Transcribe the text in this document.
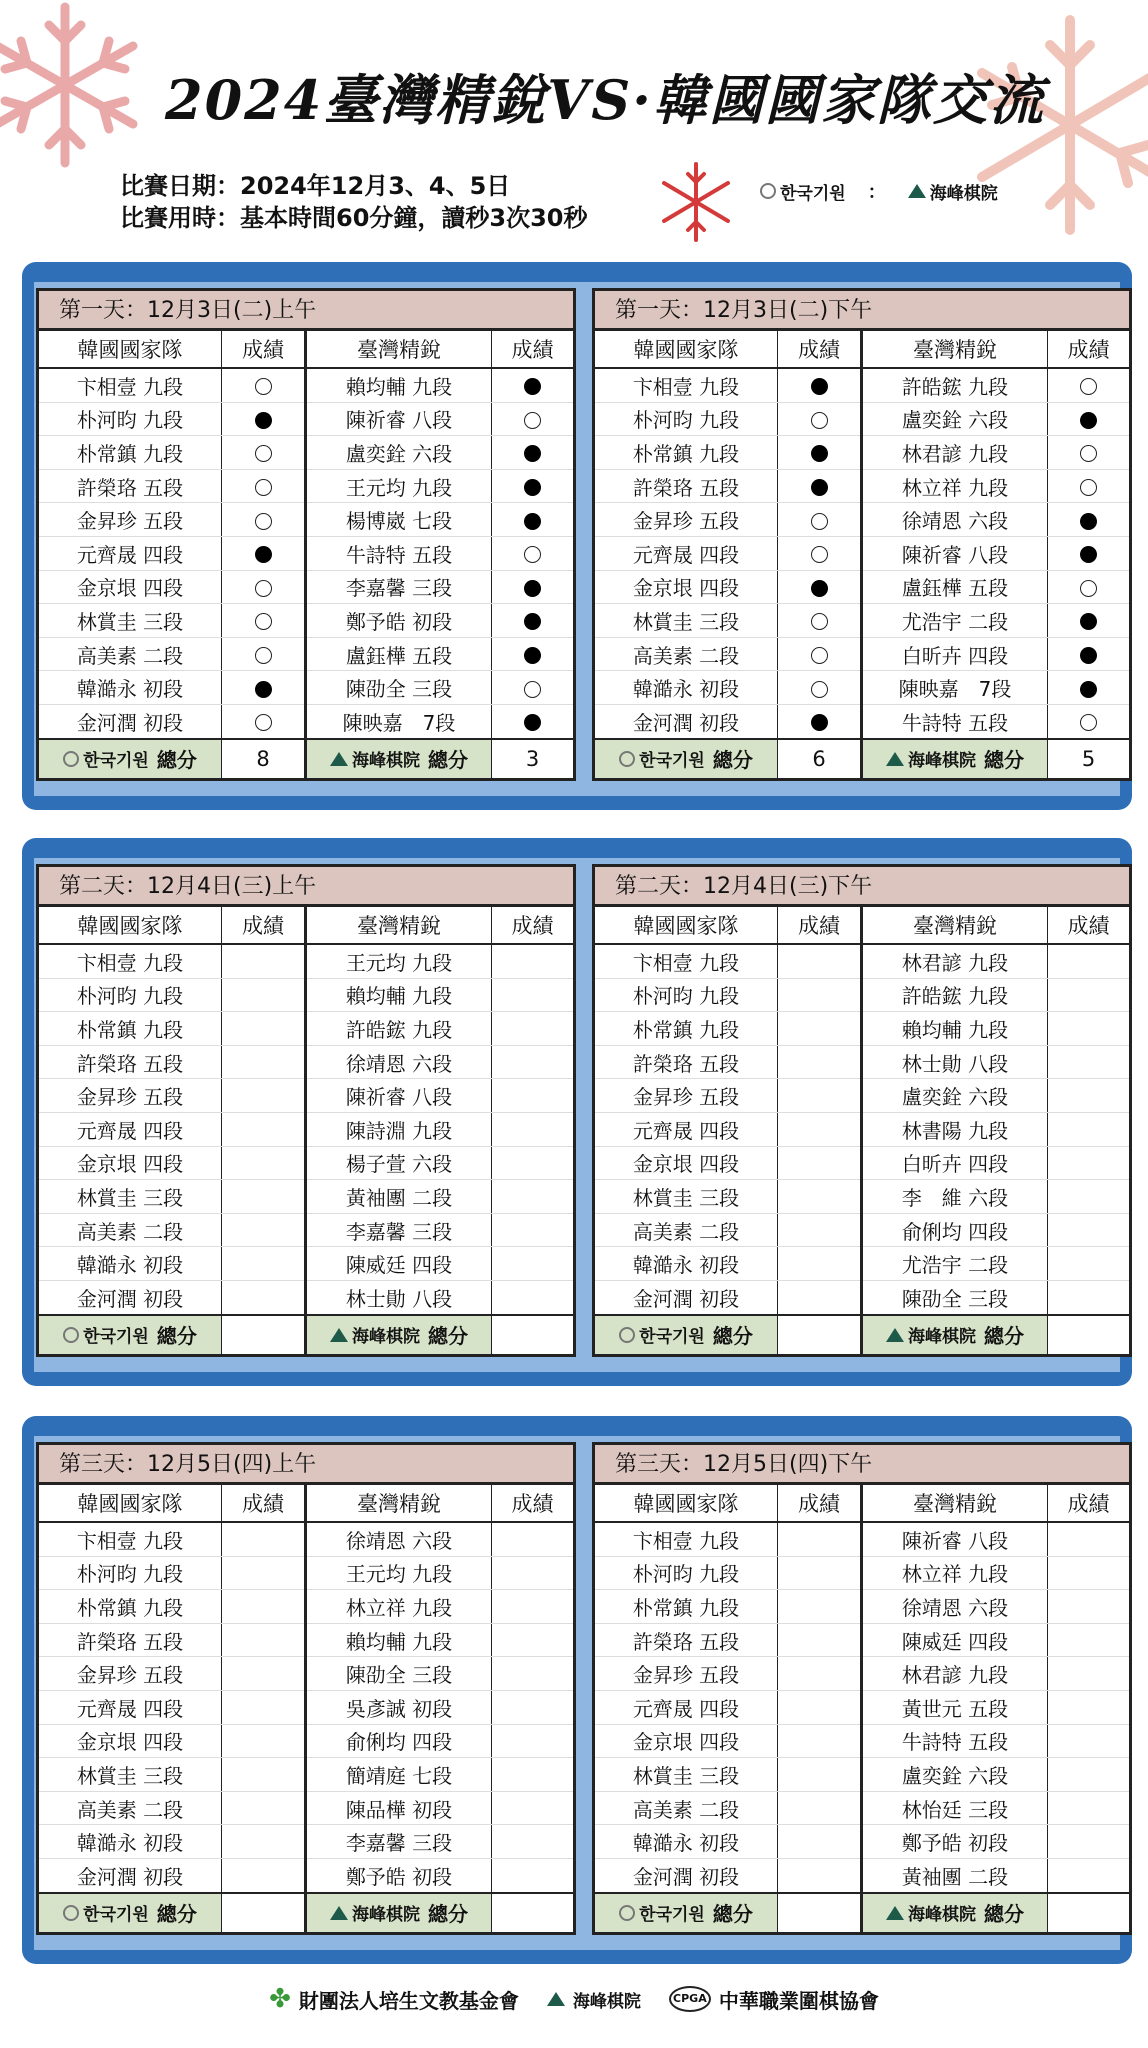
2024臺灣精銳VS·韓國國家隊交流
比賽日期：2024年12月3、4、5日
比賽用時：基本時間60分鐘，讀秒3次30秒
한국기원 ：	海峰棋院
第一天：12月3日(二)上午
韓國國家隊	成績	臺灣精銳	成績
卞相壹 九段		賴均輔 九段	
朴河昀 九段		陳祈睿 八段	
朴常鎮 九段		盧奕銓 六段	
許榮珞 五段		王元均 九段	
金昇珍 五段		楊博崴 七段	
元齊晟 四段		牛詩特 五段	
金京垠 四段		李嘉馨 三段	
林賞圭 三段		鄭予皓 初段	
高美素 二段		盧鈺樺 五段	
韓澔永 初段		陳劭全 三段	
金河潤 初段		陳映嘉　7段	

한국기원 總分	8	海峰棋院 總分	3
第一天：12月3日(二)下午
韓國國家隊	成績	臺灣精銳	成績
卞相壹 九段		許皓鋐 九段	
朴河昀 九段		盧奕銓 六段	
朴常鎮 九段		林君諺 九段	
許榮珞 五段		林立祥 九段	
金昇珍 五段		徐靖恩 六段	
元齊晟 四段		陳祈睿 八段	
金京垠 四段		盧鈺樺 五段	
林賞圭 三段		尤浩宇 二段	
高美素 二段		白昕卉 四段	
韓澔永 初段		陳映嘉　7段	
金河潤 初段		牛詩特 五段	

한국기원 總分	6	海峰棋院 總分	5
第二天：12月4日(三)上午
韓國國家隊	成績	臺灣精銳	成績
卞相壹 九段		王元均 九段	
朴河昀 九段		賴均輔 九段	
朴常鎮 九段		許皓鋐 九段	
許榮珞 五段		徐靖恩 六段	
金昇珍 五段		陳祈睿 八段	
元齊晟 四段		陳詩淵 九段	
金京垠 四段		楊子萱 六段	
林賞圭 三段		黃袖團 二段	
高美素 二段		李嘉馨 三段	
韓澔永 初段		陳威廷 四段	
金河潤 初段		林士勛 八段	

한국기원 總分		海峰棋院 總分	

第二天：12月4日(三)下午
韓國國家隊	成績	臺灣精銳	成績
卞相壹 九段		林君諺 九段	
朴河昀 九段		許皓鋐 九段	
朴常鎮 九段		賴均輔 九段	
許榮珞 五段		林士勛 八段	
金昇珍 五段		盧奕銓 六段	
元齊晟 四段		林書陽 九段	
金京垠 四段		白昕卉 四段	
林賞圭 三段		李　維 六段	
高美素 二段		俞俐均 四段	
韓澔永 初段		尤浩宇 二段	
金河潤 初段		陳劭全 三段	

한국기원 總分		海峰棋院 總分	

第三天：12月5日(四)上午
韓國國家隊	成績	臺灣精銳	成績
卞相壹 九段		徐靖恩 六段	
朴河昀 九段		王元均 九段	
朴常鎮 九段		林立祥 九段	
許榮珞 五段		賴均輔 九段	
金昇珍 五段		陳劭全 三段	
元齊晟 四段		吳彥誠 初段	
金京垠 四段		俞俐均 四段	
林賞圭 三段		簡靖庭 七段	
高美素 二段		陳品樺 初段	
韓澔永 初段		李嘉馨 三段	
金河潤 初段		鄭予皓 初段	

한국기원 總分		海峰棋院 總分	

第三天：12月5日(四)下午
韓國國家隊	成績	臺灣精銳	成績
卞相壹 九段		陳祈睿 八段	
朴河昀 九段		林立祥 九段	
朴常鎮 九段		徐靖恩 六段	
許榮珞 五段		陳威廷 四段	
金昇珍 五段		林君諺 九段	
元齊晟 四段		黃世元 五段	
金京垠 四段		牛詩特 五段	
林賞圭 三段		盧奕銓 六段	
高美素 二段		林怡廷 三段	
韓澔永 初段		鄭予皓 初段	
金河潤 初段		黃袖團 二段	

한국기원 總分		海峰棋院 總分	

✤ 財團法人培生文教基金會	海峰棋院	CPGA 中華職業圍棋協會
